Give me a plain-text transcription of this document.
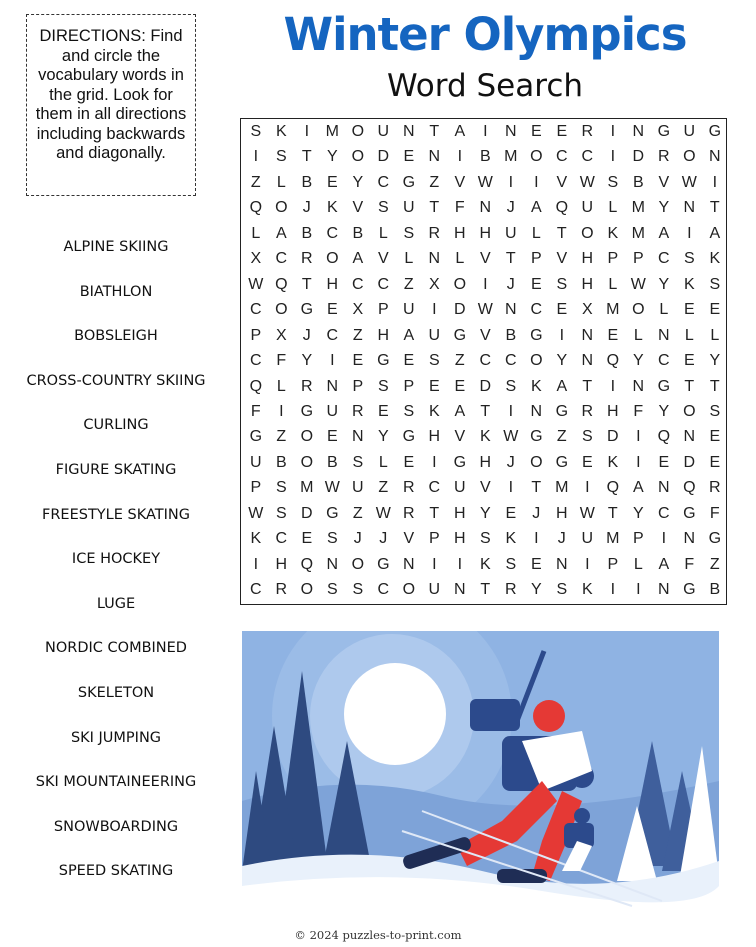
DIRECTIONS: Find and circle the vocabulary words in the grid. Look for them in all directions including backwards and diagonally.
Winter Olympics
Word Search
ALPINE SKIING
BIATHLON
BOBSLEIGH
CROSS-COUNTRY SKIING
CURLING
FIGURE SKATING
FREESTYLE SKATING
ICE HOCKEY
LUGE
NORDIC COMBINED
SKELETON
SKI JUMPING
SKI MOUNTAINEERING
SNOWBOARDING
SPEED SKATING
S K	I	M O U N T A	I	N E E R	I	N G U G
I	S T Y O D E N	I	B M O C C	I	D R O N
Z	L B E Y C G Z V W I	I	V W S B V W I
Q O J	K V S U T F N J	A Q U L M Y N T
L A B C B L S R H H U L	T O K M A	I	A
X C R O A V L N L V T P V H P P C S K
W Q T H C C Z X O	I	J	E S H L W Y K S
C O G E X P U	I	D W N C E X M O L E E
P X	J C Z H A U G V B G	I	N E L N L	L
C F Y	I	E G E S Z C C O Y N Q Y C E Y
Q L R N P S P E E D S K A T	I	N G T T
F	I	G U R E S K A T	I	N G R H F Y O S
G Z O E N Y G H V K W G Z S D	I	Q N E
U B O B S L E	I	G H J O G E K	I	E D E
P S M W U Z R C U V	I	T M	I	Q A N Q R
W S D G Z W R T H Y E	J H W T Y C G F
K C E S	J	J	V P H S K	I	J U M P	I	N G
I	H Q N O G N	I	I	K S E N	I	P L A F Z
C R O S S C O U N T R Y S K	I	I	N G B
© 2024 puzzles-to-print.com
